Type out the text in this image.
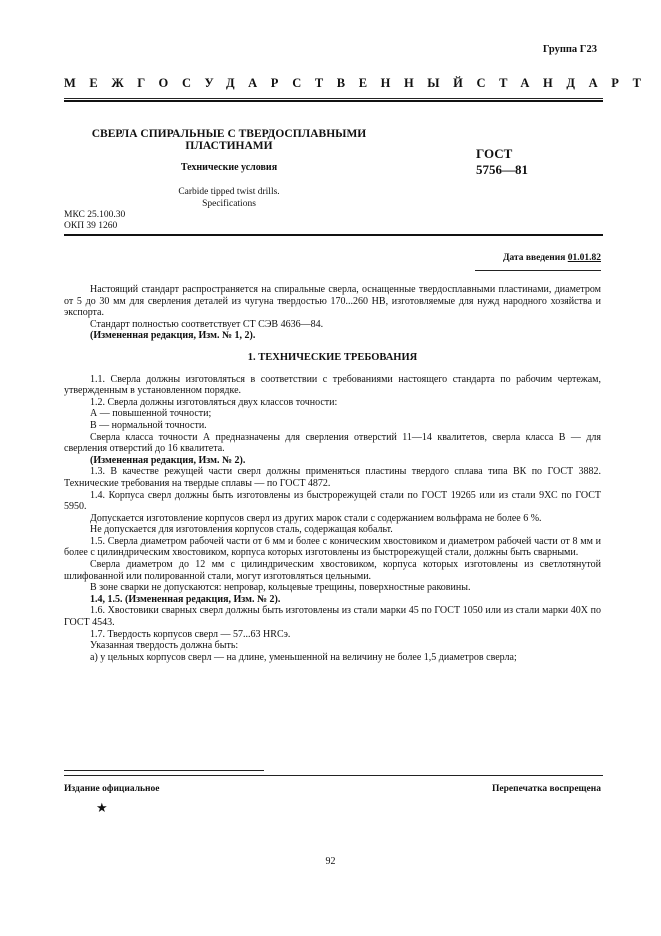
Группа Г23
МЕЖГОСУДАРСТВЕННЫЙ СТАНДАРТ
СВЕРЛА СПИРАЛЬНЫЕ С ТВЕРДОСПЛАВНЫМИ
ПЛАСТИНАМИ
Технические условия
Carbide tipped twist drills.
Specifications
ГОСТ
5756—81
МКС 25.100.30
ОКП 39 1260
Дата введения 01.01.82

Настоящий стандарт распространяется на спиральные сверла, оснащенные твердосплавными пластинами, диаметром от 5 до 30 мм для сверления деталей из чугуна твердостью 170...260 HB, изготовляемые для нужд народного хозяйства и экспорта.

Стандарт полностью соответствует СТ СЭВ 4636—84.

(Измененная редакция, Изм. № 1, 2).

1. ТЕХНИЧЕСКИЕ ТРЕБОВАНИЯ

1.1. Сверла должны изготовляться в соответствии с требованиями настоящего стандарта по рабочим чертежам, утвержденным в установленном порядке.

1.2. Сверла должны изготовляться двух классов точности:

А — повышенной точности;

В — нормальной точности.

Сверла класса точности А предназначены для сверления отверстий 11—14 квалитетов, сверла класса В — для сверления отверстий до 16 квалитета.

(Измененная редакция, Изм. № 2).

1.3. В качестве режущей части сверл должны применяться пластины твердого сплава типа ВК по ГОСТ 3882. Технические требования на твердые сплавы — по ГОСТ 4872.

1.4. Корпуса сверл должны быть изготовлены из быстрорежущей стали по ГОСТ 19265 или из стали 9ХС по ГОСТ 5950.

Допускается изготовление корпусов сверл из других марок стали с содержанием вольфрама не более 6 %.

Не допускается для изготовления корпусов сталь, содержащая кобальт.

1.5. Сверла диаметром рабочей части от 6 мм и более с коническим хвостовиком и диаметром рабочей части от 8 мм и более с цилиндрическим хвостовиком, корпуса которых изготовлены из быстрорежущей стали, должны быть сварными.

Сверла диаметром до 12 мм с цилиндрическим хвостовиком, корпуса которых изготовлены из светлотянутой шлифованной или полированной стали, могут изготовляться цельными.

В зоне сварки не допускаются: непровар, кольцевые трещины, поверхностные раковины.

1.4, 1.5. (Измененная редакция, Изм. № 2).

1.6. Хвостовики сварных сверл должны быть изготовлены из стали марки 45 по ГОСТ 1050 или из стали марки 40Х по ГОСТ 4543.

1.7. Твердость корпусов сверл — 57...63 HRCэ.

Указанная твердость должна быть:

а) у цельных корпусов сверл — на длине, уменьшенной на величину не более 1,5 диаметров сверла;

Издание официальное	Перепечатка воспрещена
★
92
